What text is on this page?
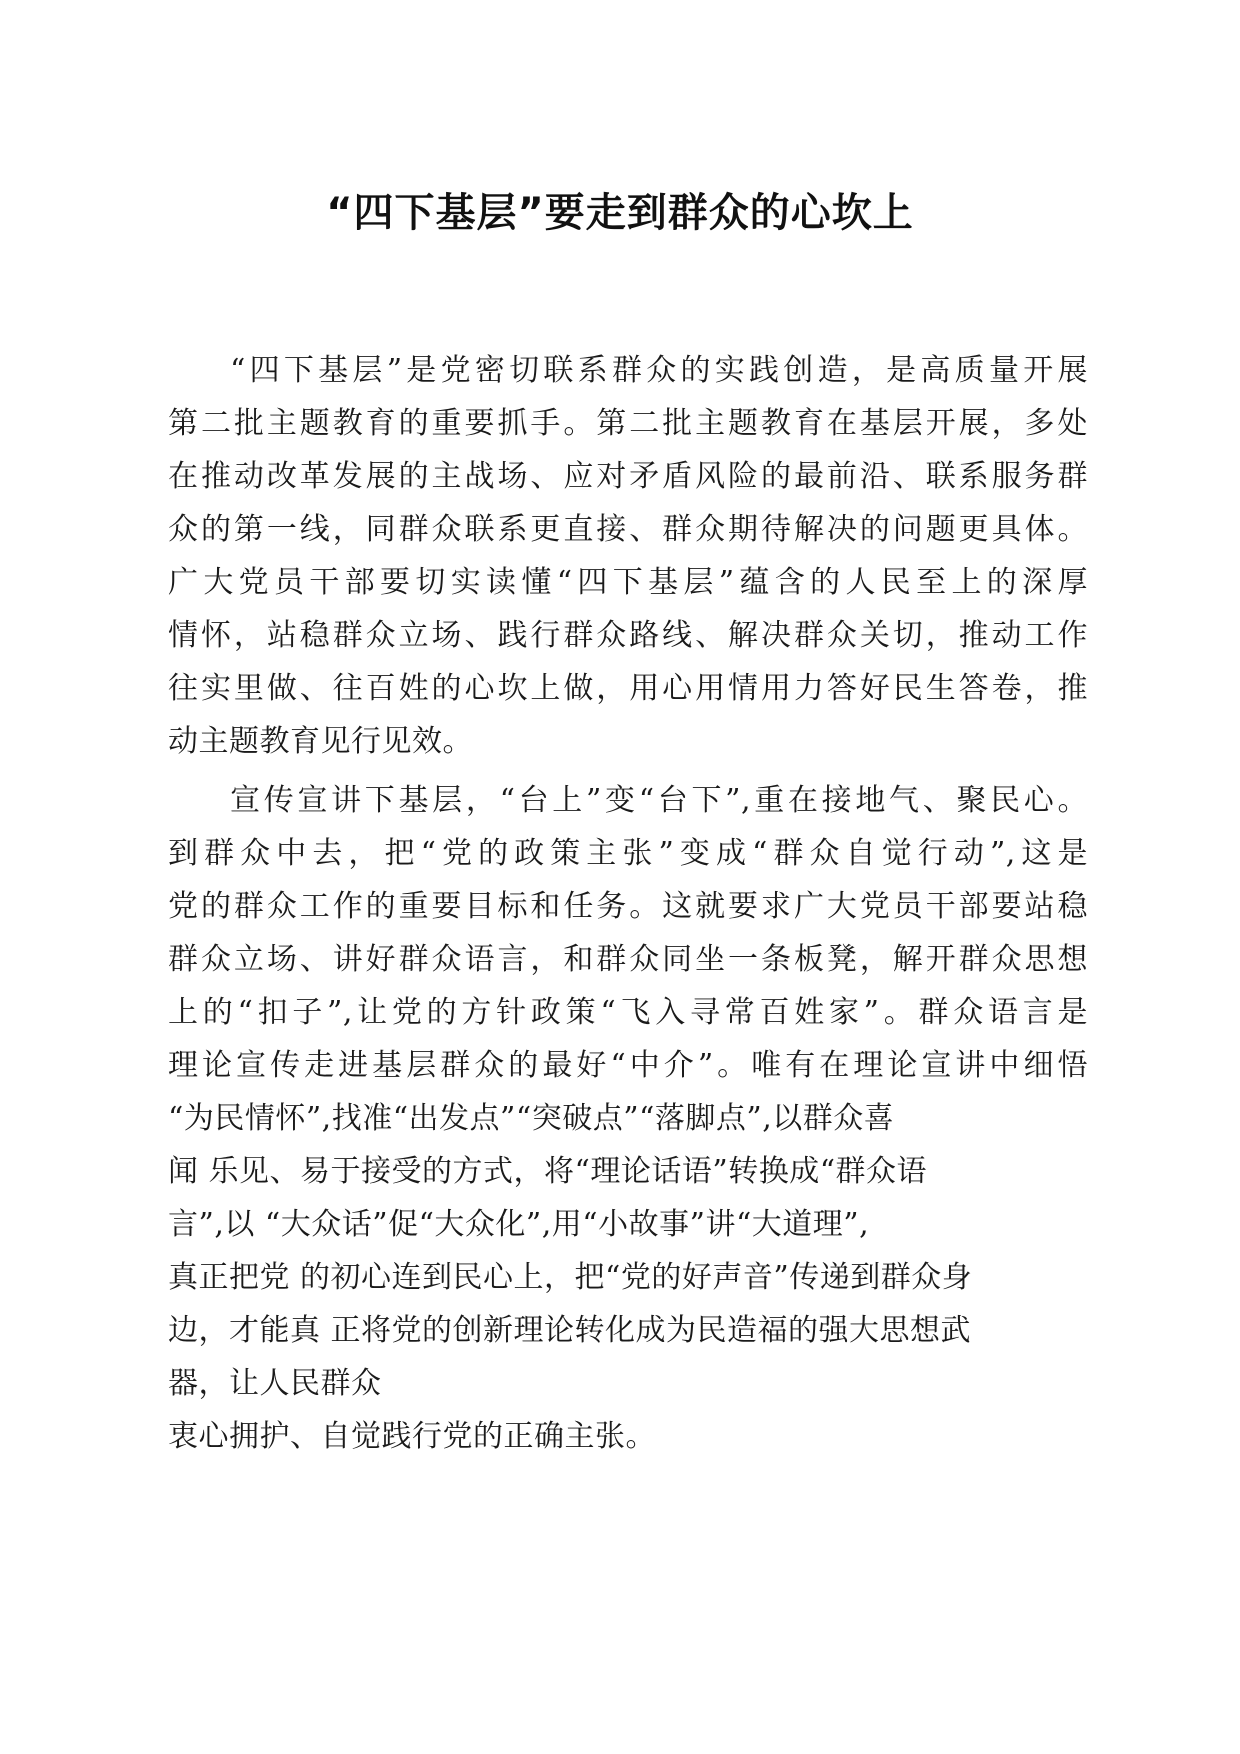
“四下基层”要走到群众的心坎上
“四下基层”是党密切联系群众的实践创造，是高质量开展
第二批主题教育的重要抓手。第二批主题教育在基层开展，多处
在推动改革发展的主战场、应对矛盾风险的最前沿、联系服务群
众的第一线，同群众联系更直接、群众期待解决的问题更具体。
广大党员干部要切实读懂“四下基层”蕴含的人民至上的深厚
情怀，站稳群众立场、践行群众路线、解决群众关切，推动工作
往实里做、往百姓的心坎上做，用心用情用力答好民生答卷，推
动主题教育见行见效。
宣传宣讲下基层，“台上”变“台下”,重在接地气、聚民心。
到群众中去，把“党的政策主张”变成“群众自觉行动”,这是
党的群众工作的重要目标和任务。这就要求广大党员干部要站稳
群众立场、讲好群众语言，和群众同坐一条板凳，解开群众思想
上的“扣子”,让党的方针政策“飞入寻常百姓家”。群众语言是
理论宣传走进基层群众的最好“中介”。唯有在理论宣讲中细悟
“为民情怀”,找准“出发点”“突破点”“落脚点”,以群众喜
闻 乐见、易于接受的方式，将“理论话语”转换成“群众语
言”,以 “大众话”促“大众化”,用“小故事”讲“大道理”,
真正把党 的初心连到民心上，把“党的好声音”传递到群众身
边，才能真 正将党的创新理论转化成为民造福的强大思想武
器，让人民群众
衷心拥护、自觉践行党的正确主张。
